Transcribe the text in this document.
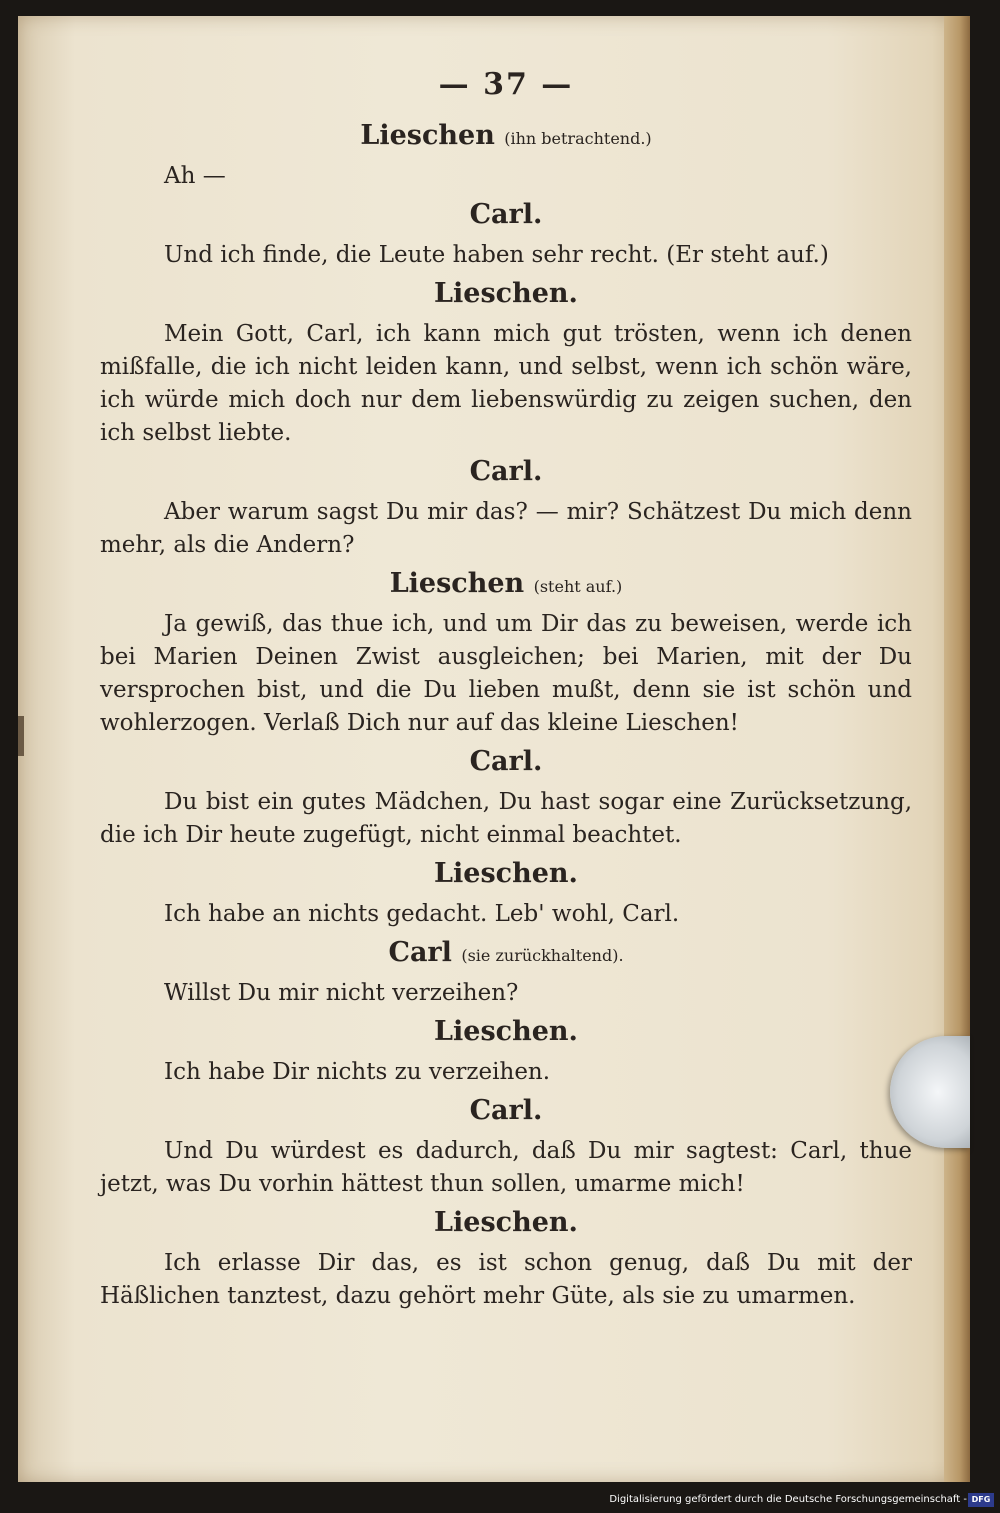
— 37 —
Lieschen (ihn betrachtend.)

Ah —

Carl.

Und ich finde, die Leute haben sehr recht. (Er steht auf.)

Lieschen.

Mein Gott, Carl, ich kann mich gut trösten, wenn ich denen mißfalle, die ich nicht leiden kann, und selbst, wenn ich schön wäre, ich würde mich doch nur dem liebenswürdig zu zeigen suchen, den ich selbst liebte.

Carl.

Aber warum sagst Du mir das? — mir? Schätzest Du mich denn mehr, als die Andern?

Lieschen (steht auf.)

Ja gewiß, das thue ich, und um Dir das zu beweisen, werde ich bei Marien Deinen Zwist ausgleichen; bei Marien, mit der Du versprochen bist, und die Du lieben mußt, denn sie ist schön und wohlerzogen. Verlaß Dich nur auf das kleine Lieschen!

Carl.

Du bist ein gutes Mädchen, Du hast sogar eine Zurücksetzung, die ich Dir heute zugefügt, nicht einmal beachtet.

Lieschen.

Ich habe an nichts gedacht. Leb' wohl, Carl.

Carl (sie zurückhaltend).

Willst Du mir nicht verzeihen?

Lieschen.

Ich habe Dir nichts zu verzeihen.

Carl.

Und Du würdest es dadurch, daß Du mir sagtest: Carl, thue jetzt, was Du vorhin hättest thun sollen, umarme mich!

Lieschen.

Ich erlasse Dir das, es ist schon genug, daß Du mit der Häßlichen tanztest, dazu gehört mehr Güte, als sie zu umarmen.

Digitalisierung gefördert durch die Deutsche Forschungsgemeinschaft - DFG
